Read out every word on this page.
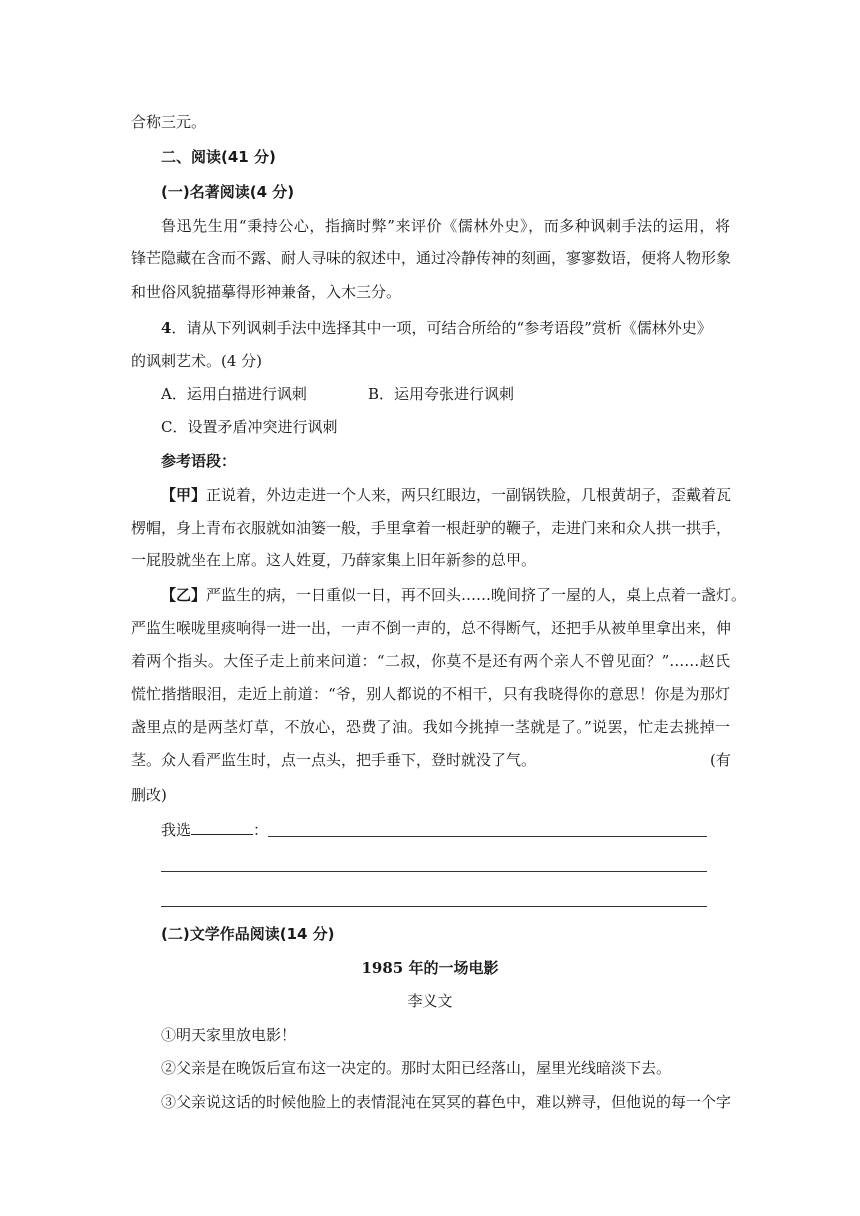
合称三元。
二、阅读(41 分)
(一)名著阅读(4 分)
鲁迅先生用“秉持公心，指摘时弊”来评价《儒林外史》，而多种讽刺手法的运用，将
锋芒隐藏在含而不露、耐人寻味的叙述中，通过冷静传神的刻画，寥寥数语，便将人物形象
和世俗风貌描摹得形神兼备，入木三分。
4．请从下列讽刺手法中选择其中一项，可结合所给的“参考语段”赏析《儒林外史》
的讽刺艺术。(4 分)
A．运用白描进行讽刺	B．运用夸张进行讽刺
C．设置矛盾冲突进行讽刺
参考语段：
【甲】正说着，外边走进一个人来，两只红眼边，一副锅铁脸，几根黄胡子，歪戴着瓦
楞帽，身上青布衣服就如油篓一般，手里拿着一根赶驴的鞭子，走进门来和众人拱一拱手，
一屁股就坐在上席。这人姓夏，乃薛家集上旧年新参的总甲。
【乙】严监生的病，一日重似一日，再不回头……晚间挤了一屋的人，桌上点着一盏灯。
严监生喉咙里痰响得一进一出，一声不倒一声的，总不得断气，还把手从被单里拿出来，伸
着两个指头。大侄子走上前来问道：“二叔，你莫不是还有两个亲人不曾见面？”……赵氏
慌忙揩揩眼泪，走近上前道：“爷，别人都说的不相干，只有我晓得你的意思！你是为那灯
盏里点的是两茎灯草，不放心，恐费了油。我如今挑掉一茎就是了。”说罢，忙走去挑掉一
茎。众人看严监生时，点一点头，把手垂下，登时就没了气。	(有
删改)
我选	：
(二)文学作品阅读(14 分)
1985 年的一场电影
李义文
①明天家里放电影！
②父亲是在晚饭后宣布这一决定的。那时太阳已经落山，屋里光线暗淡下去。
③父亲说这话的时候他脸上的表情混沌在冥冥的暮色中，难以辨寻，但他说的每一个字
